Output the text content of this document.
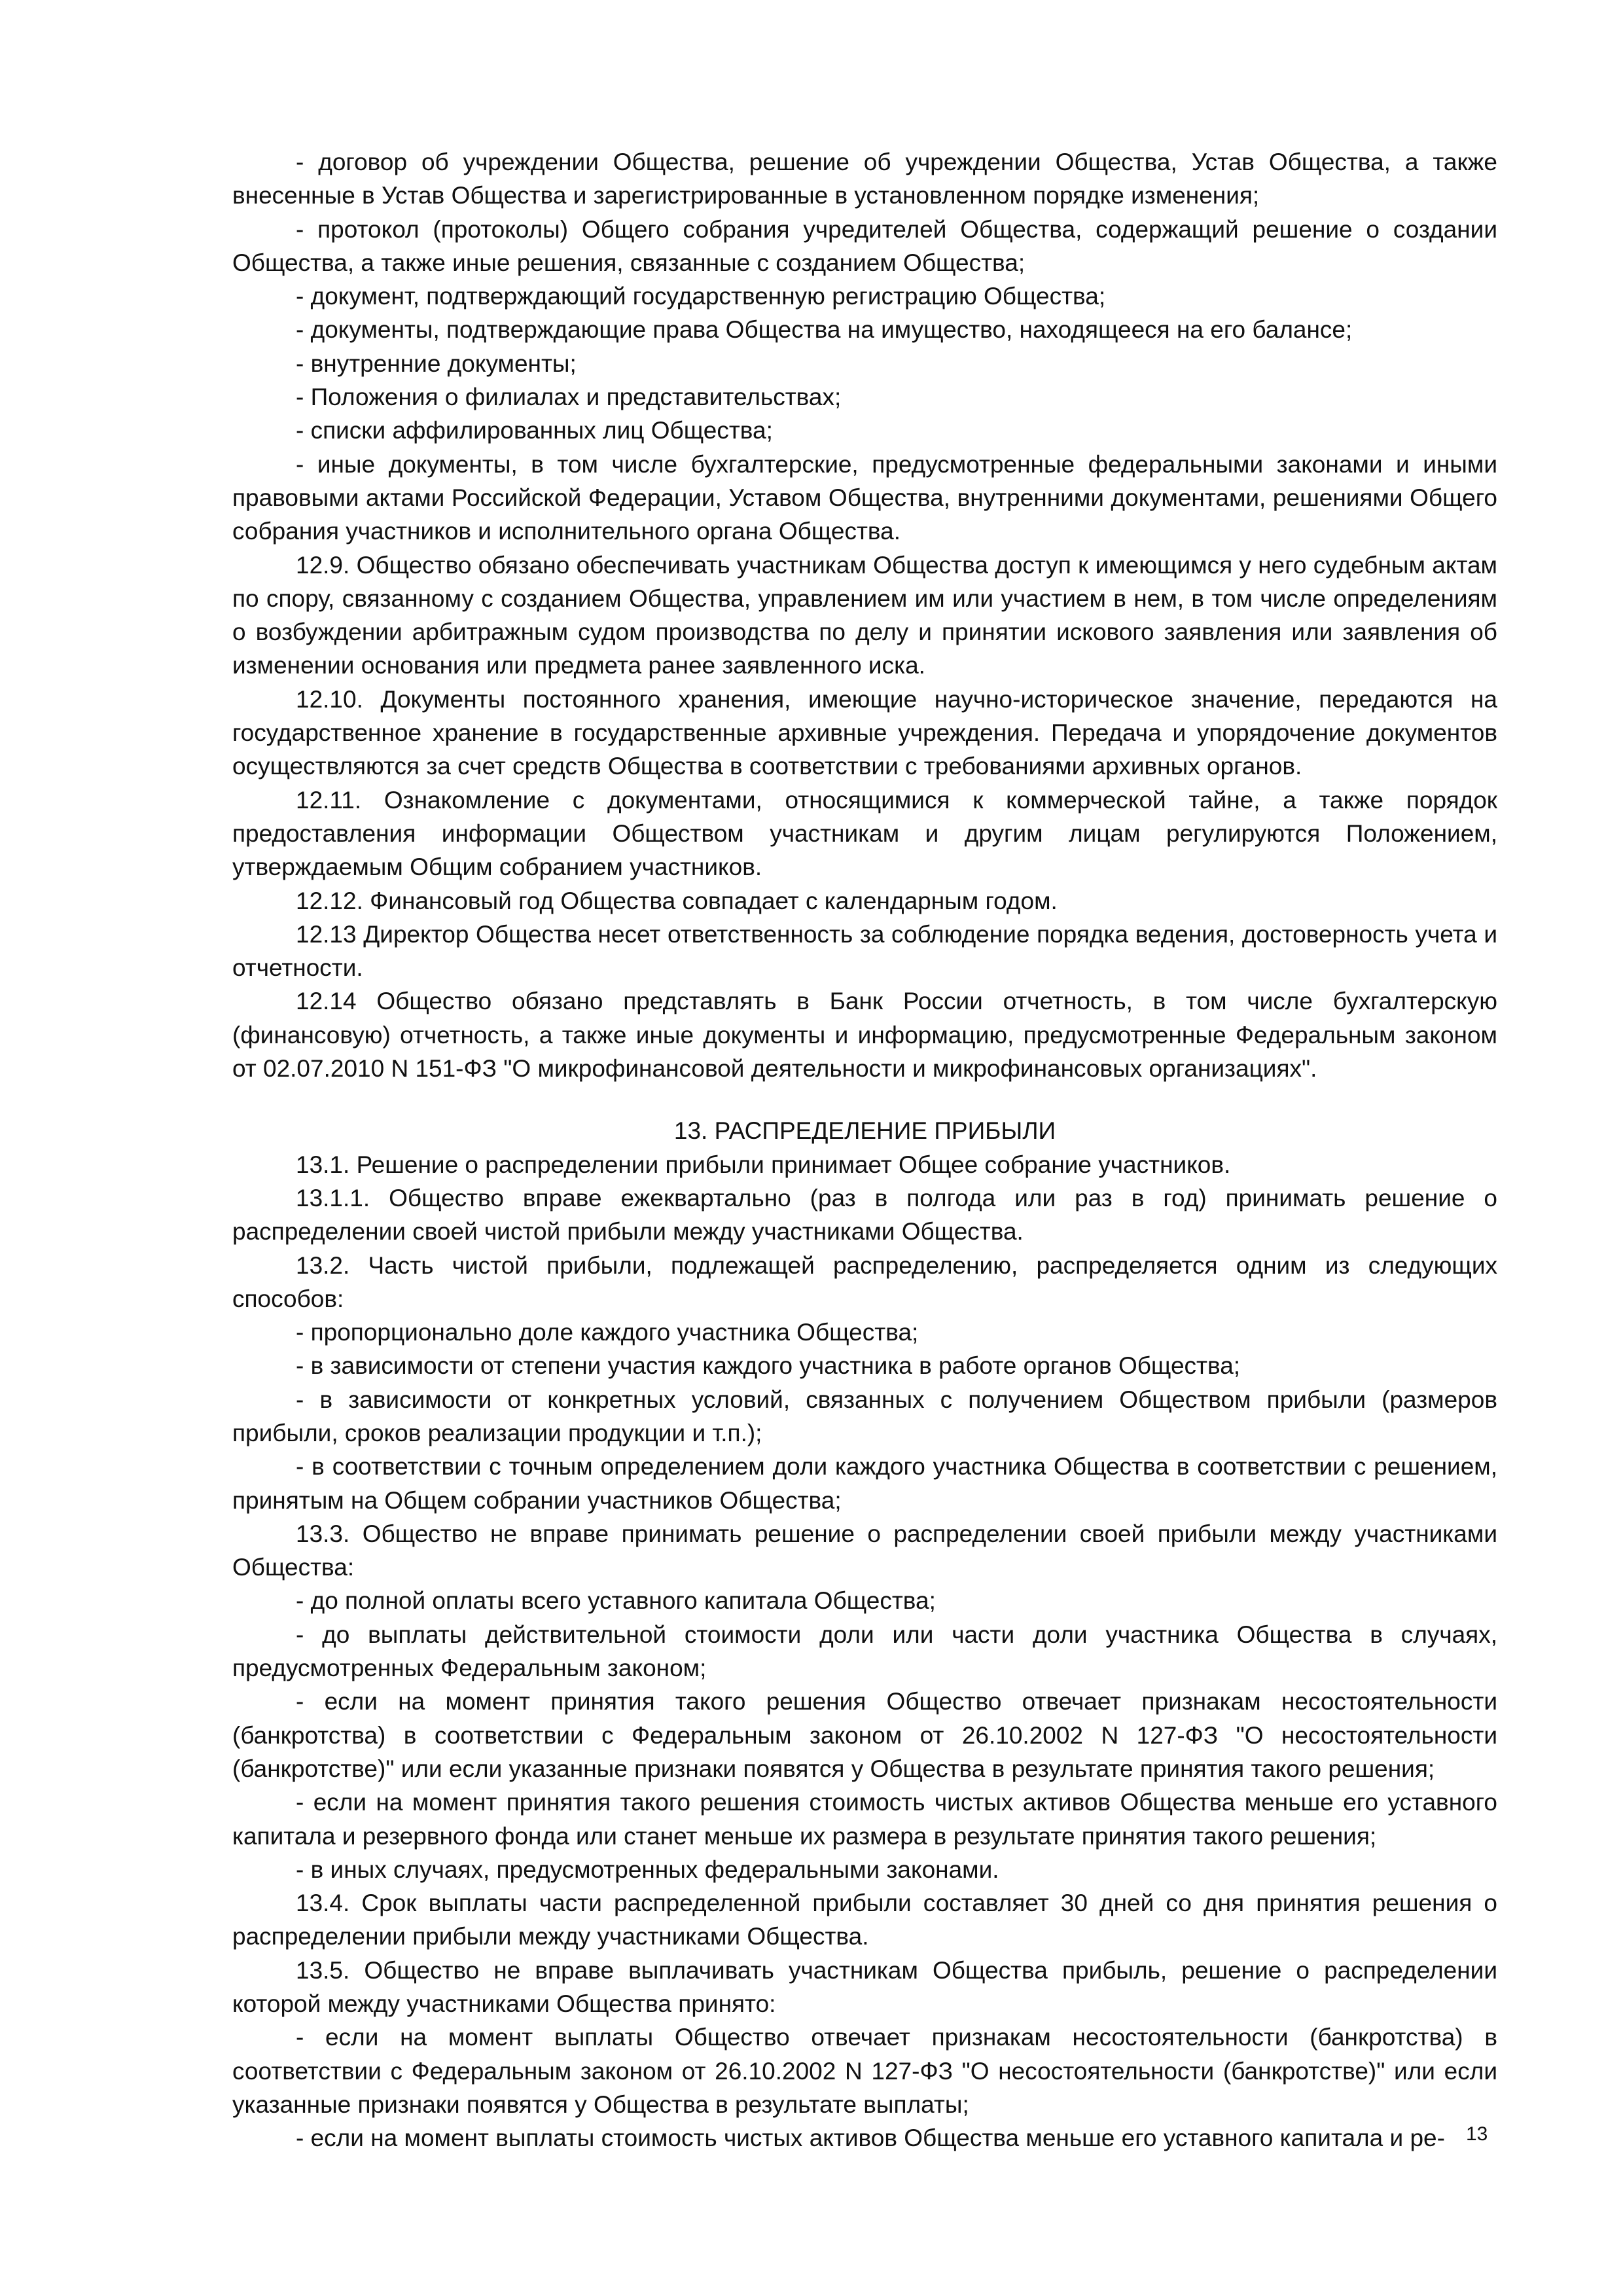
- договор об учреждении Общества, решение об учреждении Общества, Устав Общества, а также внесенные в Устав Общества и зарегистрированные в установленном порядке изменения;

- протокол (протоколы) Общего собрания учредителей Общества, содержащий решение о создании Общества, а также иные решения, связанные с созданием Общества;

- документ, подтверждающий государственную регистрацию Общества;

- документы, подтверждающие права Общества на имущество, находящееся на его балансе;

- внутренние документы;

- Положения о филиалах и представительствах;

- списки аффилированных лиц Общества;

- иные документы, в том числе бухгалтерские, предусмотренные федеральными законами и иными правовыми актами Российской Федерации, Уставом Общества, внутренними документами, решениями Общего собрания участников и исполнительного органа Общества.

12.9. Общество обязано обеспечивать участникам Общества доступ к имеющимся у него судебным актам по спору, связанному с созданием Общества, управлением им или участием в нем, в том числе определениям о возбуждении арбитражным судом производства по делу и принятии искового заявления или заявления об изменении основания или предмета ранее заявленного иска.

12.10. Документы постоянного хранения, имеющие научно-историческое значение, передаются на государственное хранение в государственные архивные учреждения. Передача и упорядочение документов осуществляются за счет средств Общества в соответствии с требованиями архивных органов.

12.11. Ознакомление с документами, относящимися к коммерческой тайне, а также порядок предоставления информации Обществом участникам и другим лицам регулируются Положением, утверждаемым Общим собранием участников.

12.12. Финансовый год Общества совпадает с календарным годом.

12.13 Директор Общества несет ответственность за соблюдение порядка ведения, достоверность учета и отчетности.

12.14 Общество обязано представлять в Банк России отчетность, в том числе бухгалтерскую (финансовую) отчетность, а также иные документы и информацию, предусмотренные Федеральным законом от 02.07.2010 N 151-ФЗ "О микрофинансовой деятельности и микрофинансовых организациях".

13. РАСПРЕДЕЛЕНИЕ ПРИБЫЛИ

13.1. Решение о распределении прибыли принимает Общее собрание участников.

13.1.1. Общество вправе ежеквартально (раз в полгода или раз в год) принимать решение о распределении своей чистой прибыли между участниками Общества.

13.2. Часть чистой прибыли, подлежащей распределению, распределяется одним из следующих способов:

- пропорционально доле каждого участника Общества;

- в зависимости от степени участия каждого участника в работе органов Общества;

- в зависимости от конкретных условий, связанных с получением Обществом прибыли (размеров прибыли, сроков реализации продукции и т.п.);

- в соответствии с точным определением доли каждого участника Общества в соответствии с решением, принятым на Общем собрании участников Общества;

13.3. Общество не вправе принимать решение о распределении своей прибыли между участниками Общества:

- до полной оплаты всего уставного капитала Общества;

- до выплаты действительной стоимости доли или части доли участника Общества в случаях, предусмотренных Федеральным законом;

- если на момент принятия такого решения Общество отвечает признакам несостоятельности (банкротства) в соответствии с Федеральным законом от 26.10.2002 N 127-ФЗ "О несостоятельности (банкротстве)" или если указанные признаки появятся у Общества в результате принятия такого решения;

- если на момент принятия такого решения стоимость чистых активов Общества меньше его уставного капитала и резервного фонда или станет меньше их размера в результате принятия такого решения;

- в иных случаях, предусмотренных федеральными законами.

13.4. Срок выплаты части распределенной прибыли составляет 30 дней со дня принятия решения о распределении прибыли между участниками Общества.

13.5. Общество не вправе выплачивать участникам Общества прибыль, решение о распределении которой между участниками Общества принято:

- если на момент выплаты Общество отвечает признакам несостоятельности (банкротства) в соответствии с Федеральным законом от 26.10.2002 N 127-ФЗ "О несостоятельности (банкротстве)" или если указанные признаки появятся у Общества в результате выплаты;

- если на момент выплаты стоимость чистых активов Общества меньше его уставного капитала и ре-	13
